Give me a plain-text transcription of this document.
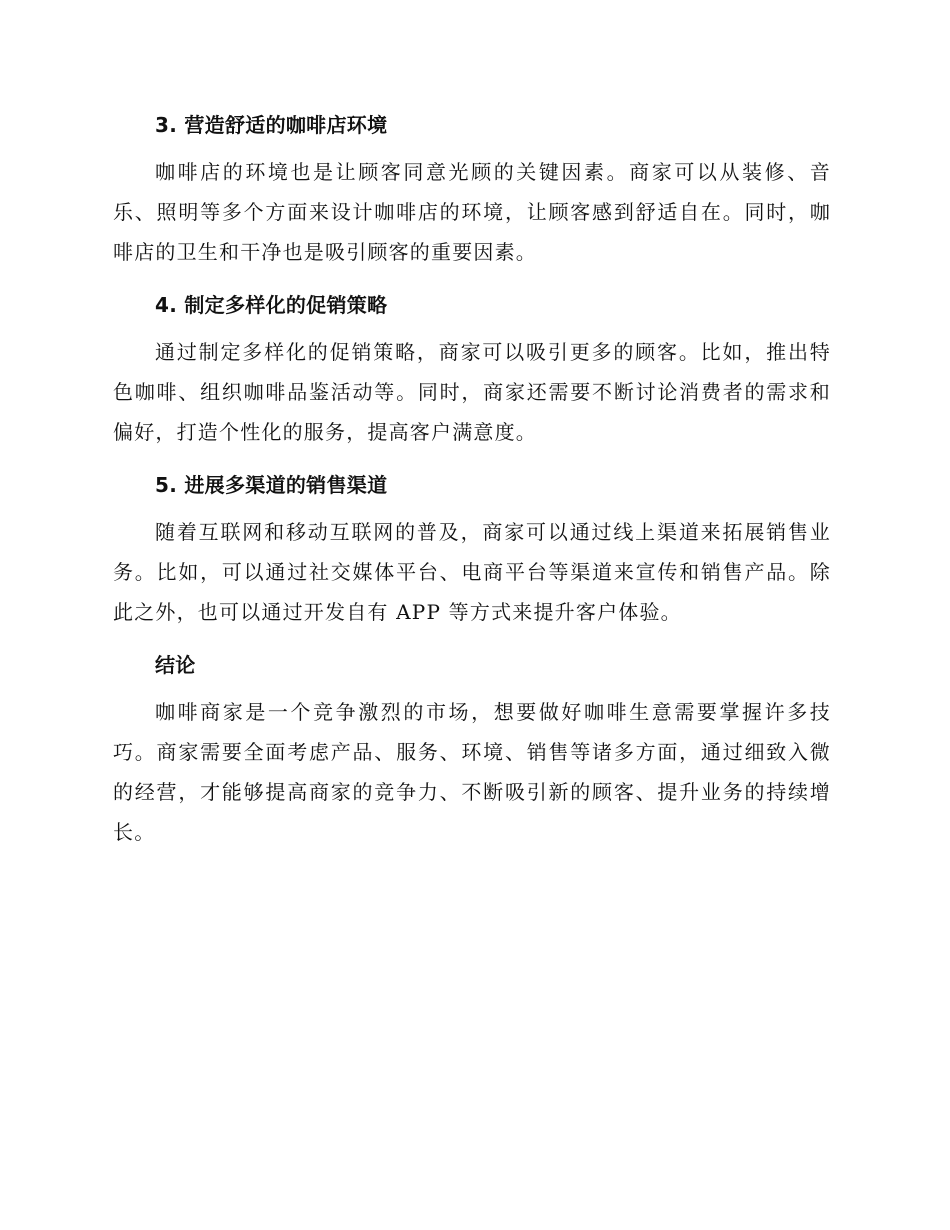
3. 营造舒适的咖啡店环境

咖啡店的环境也是让顾客同意光顾的关键因素。商家可以从装修、音乐、照明等多个方面来设计咖啡店的环境，让顾客感到舒适自在。同时，咖啡店的卫生和干净也是吸引顾客的重要因素。

4. 制定多样化的促销策略

通过制定多样化的促销策略，商家可以吸引更多的顾客。比如，推出特色咖啡、组织咖啡品鉴活动等。同时，商家还需要不断讨论消费者的需求和偏好，打造个性化的服务，提高客户满意度。

5. 进展多渠道的销售渠道

随着互联网和移动互联网的普及，商家可以通过线上渠道来拓展销售业务。比如，可以通过社交媒体平台、电商平台等渠道来宣传和销售产品。除此之外，也可以通过开发自有 APP 等方式来提升客户体验。

结论

咖啡商家是一个竞争激烈的市场，想要做好咖啡生意需要掌握许多技巧。商家需要全面考虑产品、服务、环境、销售等诸多方面，通过细致入微的经营，才能够提高商家的竞争力、不断吸引新的顾客、提升业务的持续增长。
